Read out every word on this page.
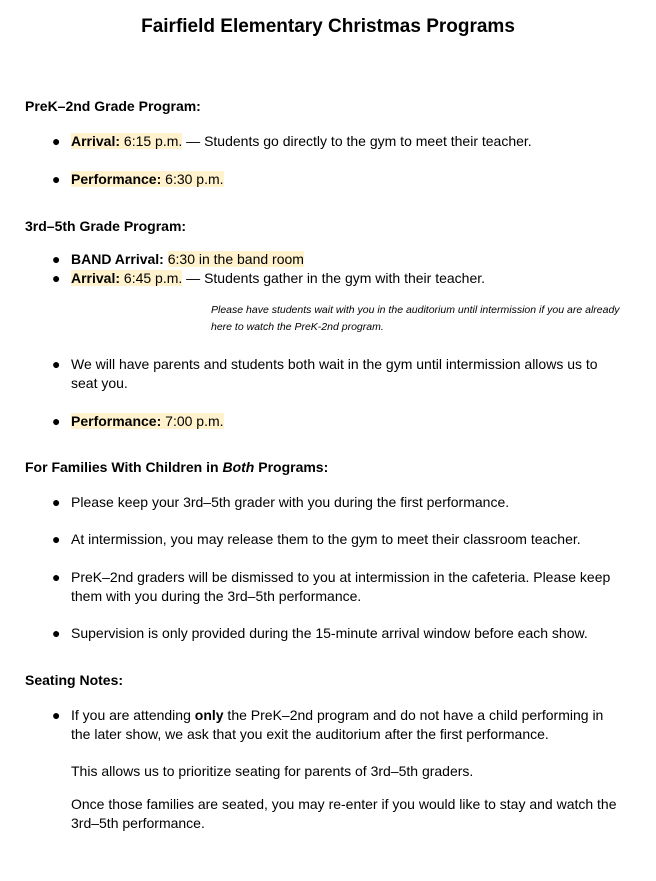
Fairfield Elementary Christmas Programs
PreK–2nd Grade Program:
● Arrival: 6:15 p.m. — Students go directly to the gym to meet their teacher.
● Performance: 6:30 p.m.
3rd–5th Grade Program:
● BAND Arrival: 6:30 in the band room
● Arrival: 6:45 p.m. — Students gather in the gym with their teacher.
Please have students wait with you in the auditorium until intermission if you are already here to watch the PreK-2nd program.
● We will have parents and students both wait in the gym until intermission allows us to seat you.
● Performance: 7:00 p.m.
For Families With Children in Both Programs:
● Please keep your 3rd–5th grader with you during the first performance.
● At intermission, you may release them to the gym to meet their classroom teacher.
● PreK–2nd graders will be dismissed to you at intermission in the cafeteria. Please keep them with you during the 3rd–5th performance.
● Supervision is only provided during the 15-minute arrival window before each show.
Seating Notes:
● If you are attending only the PreK–2nd program and do not have a child performing in the later show, we ask that you exit the auditorium after the first performance.
This allows us to prioritize seating for parents of 3rd–5th graders.
Once those families are seated, you may re-enter if you would like to stay and watch the 3rd–5th performance.
